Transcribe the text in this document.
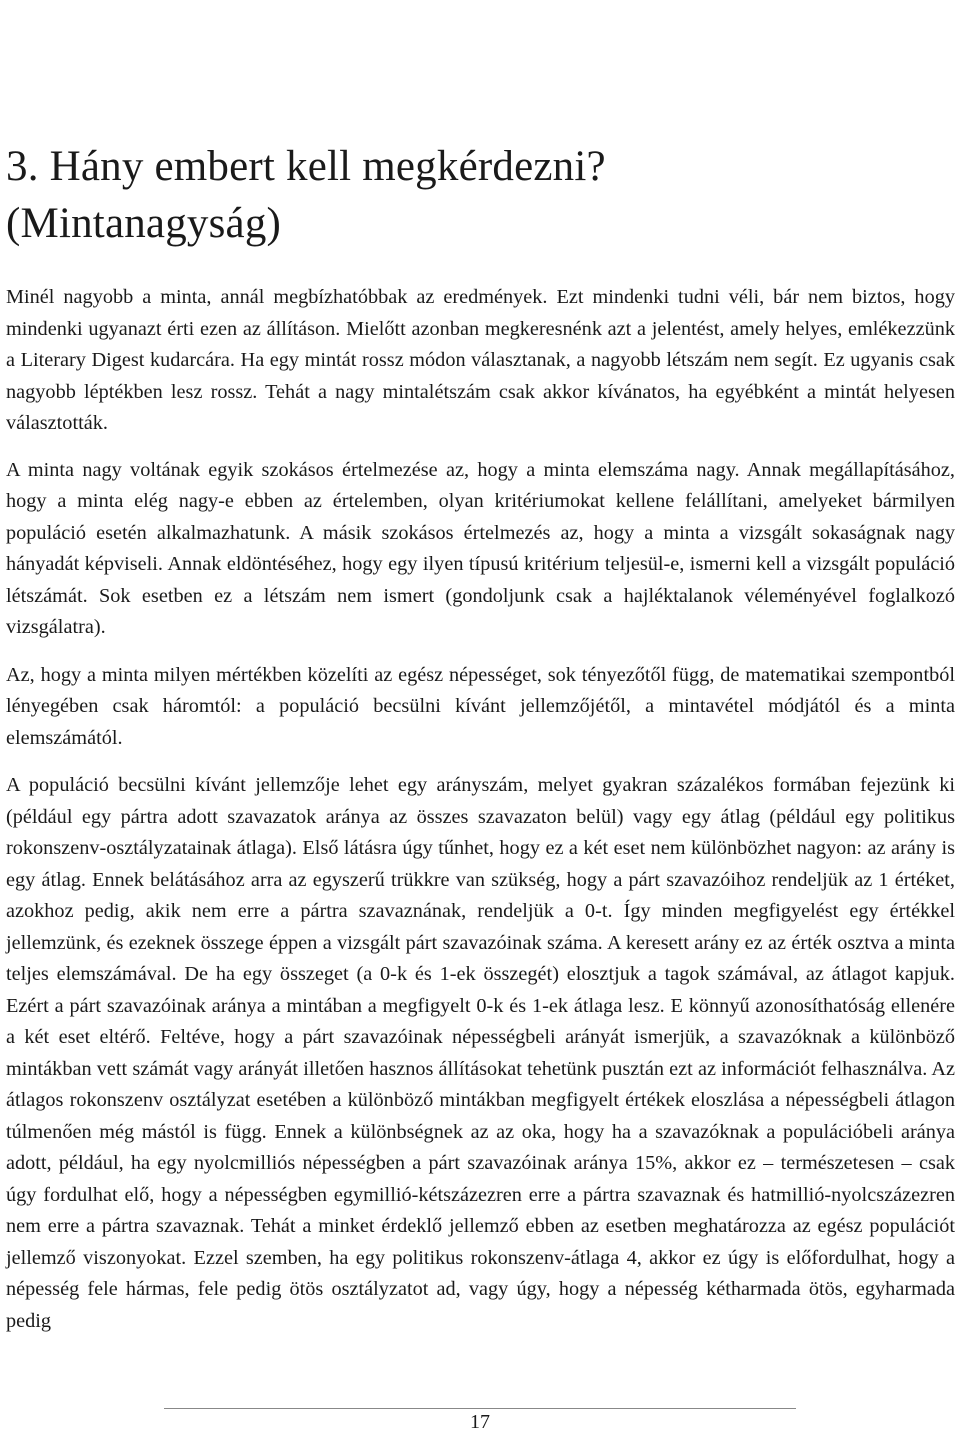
3. Hány embert kell megkérdezni?
(Mintanagyság)

Minél nagyobb a minta, annál megbízhatóbbak az eredmények. Ezt mindenki tudni véli, bár nem biztos, hogy mindenki ugyanazt érti ezen az állításon. Mielőtt azonban megkeresnénk azt a jelentést, amely helyes, emlékezzünk a Literary Digest kudarcára. Ha egy mintát rossz módon választanak, a nagyobb létszám nem segít. Ez ugyanis csak nagyobb léptékben lesz rossz. Tehát a nagy mintalétszám csak akkor kívánatos, ha egyébként a mintát helyesen választották.

A minta nagy voltának egyik szokásos értelmezése az, hogy a minta elemszáma nagy. Annak megállapításához, hogy a minta elég nagy-e ebben az értelemben, olyan kritériumokat kellene felállítani, amelyeket bármilyen populáció esetén alkalmazhatunk. A másik szokásos értelmezés az, hogy a minta a vizsgált sokaságnak nagy hányadát képviseli. Annak eldöntéséhez, hogy egy ilyen típusú kritérium teljesül-e, ismerni kell a vizsgált populáció létszámát. Sok esetben ez a létszám nem ismert (gondoljunk csak a hajléktalanok véleményével foglalkozó vizsgálatra).

Az, hogy a minta milyen mértékben közelíti az egész népességet, sok tényezőtől függ, de matematikai szempontból lényegében csak háromtól: a populáció becsülni kívánt jellemzőjétől, a mintavétel módjától és a minta elemszámától.

A populáció becsülni kívánt jellemzője lehet egy arányszám, melyet gyakran százalékos formában fejezünk ki (például egy pártra adott szavazatok aránya az összes szavazaton belül) vagy egy átlag (például egy politikus rokonszenv-osztályzatainak átlaga). Első látásra úgy tűnhet, hogy ez a két eset nem különbözhet nagyon: az arány is egy átlag. Ennek belátásához arra az egyszerű trükkre van szükség, hogy a párt szavazóihoz rendeljük az 1 értéket, azokhoz pedig, akik nem erre a pártra szavaznának, rendeljük a 0-t. Így minden megfigyelést egy értékkel jellemzünk, és ezeknek összege éppen a vizsgált párt szavazóinak száma. A keresett arány ez az érték osztva a minta teljes elemszámával. De ha egy összeget (a 0-k és 1-ek összegét) elosztjuk a tagok számával, az átlagot kapjuk. Ezért a párt szavazóinak aránya a mintában a megfigyelt 0-k és 1-ek átlaga lesz. E könnyű azonosíthatóság ellenére a két eset eltérő. Feltéve, hogy a párt szavazóinak népességbeli arányát ismerjük, a szavazóknak a különböző mintákban vett számát vagy arányát illetően hasznos állításokat tehetünk pusztán ezt az információt felhasználva. Az átlagos rokonszenv osztályzat esetében a különböző mintákban megfigyelt értékek eloszlása a népességbeli átlagon túlmenően még mástól is függ. Ennek a különbségnek az az oka, hogy ha a szavazóknak a populációbeli aránya adott, például, ha egy nyolcmilliós népességben a párt szavazóinak aránya 15%, akkor ez – természetesen – csak úgy fordulhat elő, hogy a népességben egymillió-kétszázezren erre a pártra szavaznak és hatmillió-nyolcszázezren nem erre a pártra szavaznak. Tehát a minket érdeklő jellemző ebben az esetben meghatározza az egész populációt jellemző viszonyokat. Ezzel szemben, ha egy politikus rokonszenv-átlaga 4, akkor ez úgy is előfordulhat, hogy a népesség fele hármas, fele pedig ötös osztályzatot ad, vagy úgy, hogy a népesség kétharmada ötös, egyharmada pedig

17
